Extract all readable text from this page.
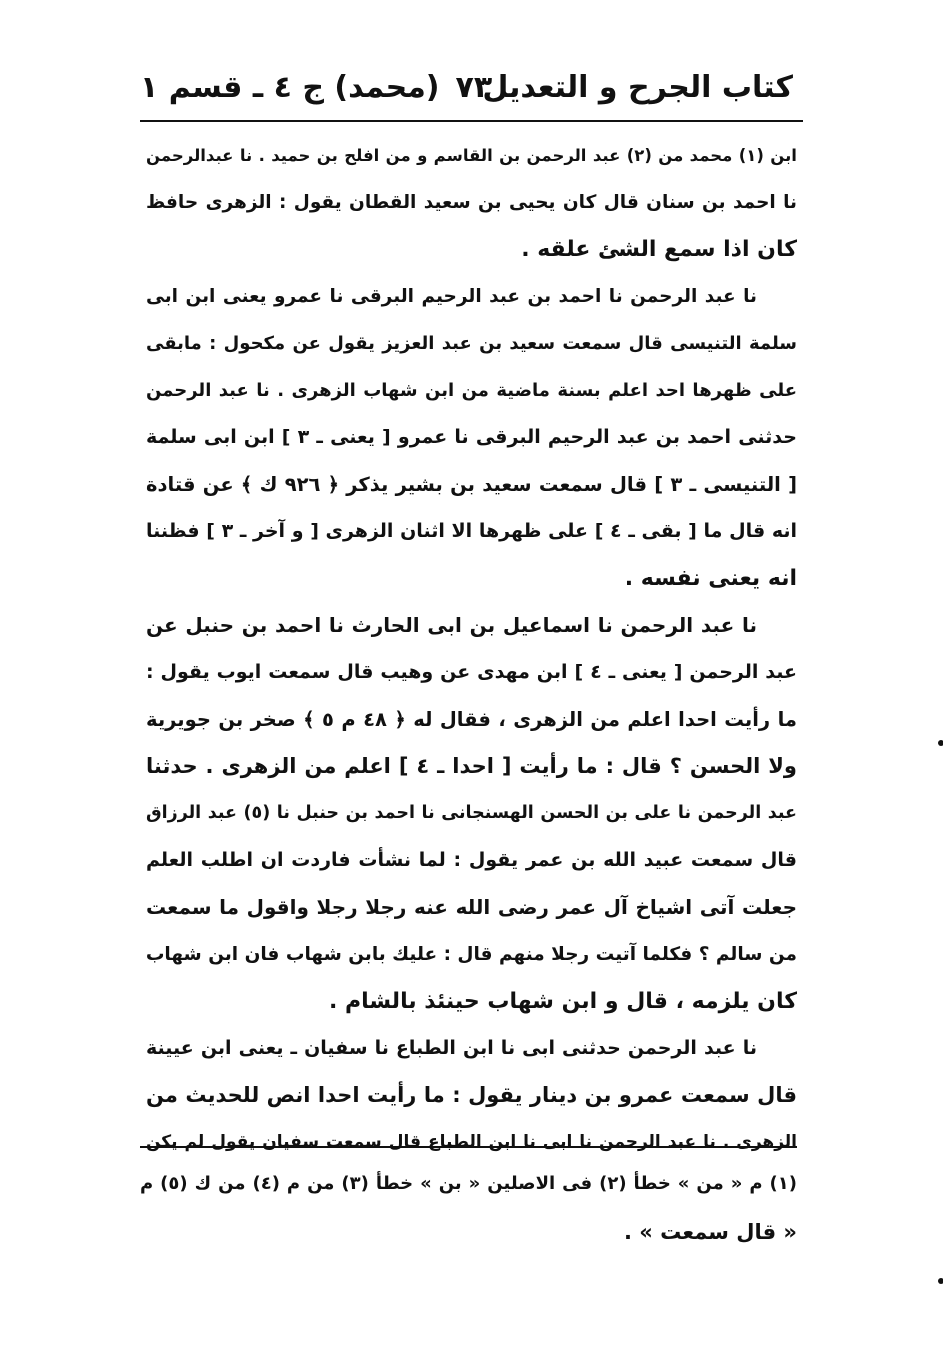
كتاب الجرح و التعديل
٧٣
(محمد) ج ٤ ـ قسم ١
ابن (١) محمد من (٢) عبد الرحمن بن القاسم و من افلح بن حميد . نا عبدالرحمن
نا احمد بن سنان قال كان يحيى بن سعيد القطان يقول : الزهرى حافظ
كان اذا سمع الشئ علقه .
نا عبد الرحمن نا احمد بن عبد الرحيم البرقى نا عمرو يعنى ابن ابى
سلمة التنيسى قال سمعت سعيد بن عبد العزيز يقول عن مكحول : مابقى
على ظهرها احد اعلم بسنة ماضية من ابن شهاب الزهرى . نا عبد الرحمن
حدثنى احمد بن عبد الرحيم البرقى نا عمرو [ يعنى ـ ٣ ] ابن ابى سلمة
[ التنيسى ـ ٣ ] قال سمعت سعيد بن بشير يذكر ﴿ ٩٢٦ ك ﴾ عن قتادة
انه قال ما [ بقى ـ ٤ ] على ظهرها الا اثنان الزهرى [ و آخر ـ ٣ ] فظننا
انه يعنى نفسه .
نا عبد الرحمن نا اسماعيل بن ابى الحارث نا احمد بن حنبل عن
عبد الرحمن [ يعنى ـ ٤ ] ابن مهدى عن وهيب قال سمعت ايوب يقول :
ما رأيت احدا اعلم من الزهرى ، فقال له ﴿ ٤٨ م ٥ ﴾ صخر بن جويرية
ولا الحسن ؟ قال : ما رأيت [ احدا ـ ٤ ] اعلم من الزهرى . حدثنا
عبد الرحمن نا على بن الحسن الهسنجانى نا احمد بن حنبل نا (٥) عبد الرزاق
قال سمعت عبيد الله بن عمر يقول : لما نشأت فاردت ان اطلب العلم
جعلت آتى اشياخ آل عمر رضى الله عنه رجلا رجلا واقول ما سمعت
من سالم ؟ فكلما آتيت رجلا منهم قال : عليك بابن شهاب فان ابن شهاب
كان يلزمه ، قال و ابن شهاب حينئذ بالشام .
نا عبد الرحمن حدثنى ابى نا ابن الطباع نا سفيان ـ يعنى ابن عيينة
قال سمعت عمرو بن دينار يقول : ما رأيت احدا انص للحديث من
الزهرى . نا عبد الرحمن نا ابى نا ابن الطباع قال سمعت سفيان يقول لم يكن
(١) م « من » خطأ (٢) فى الاصلين « بن » خطأ (٣) من م (٤) من ك (٥) م
« قال سمعت » .
